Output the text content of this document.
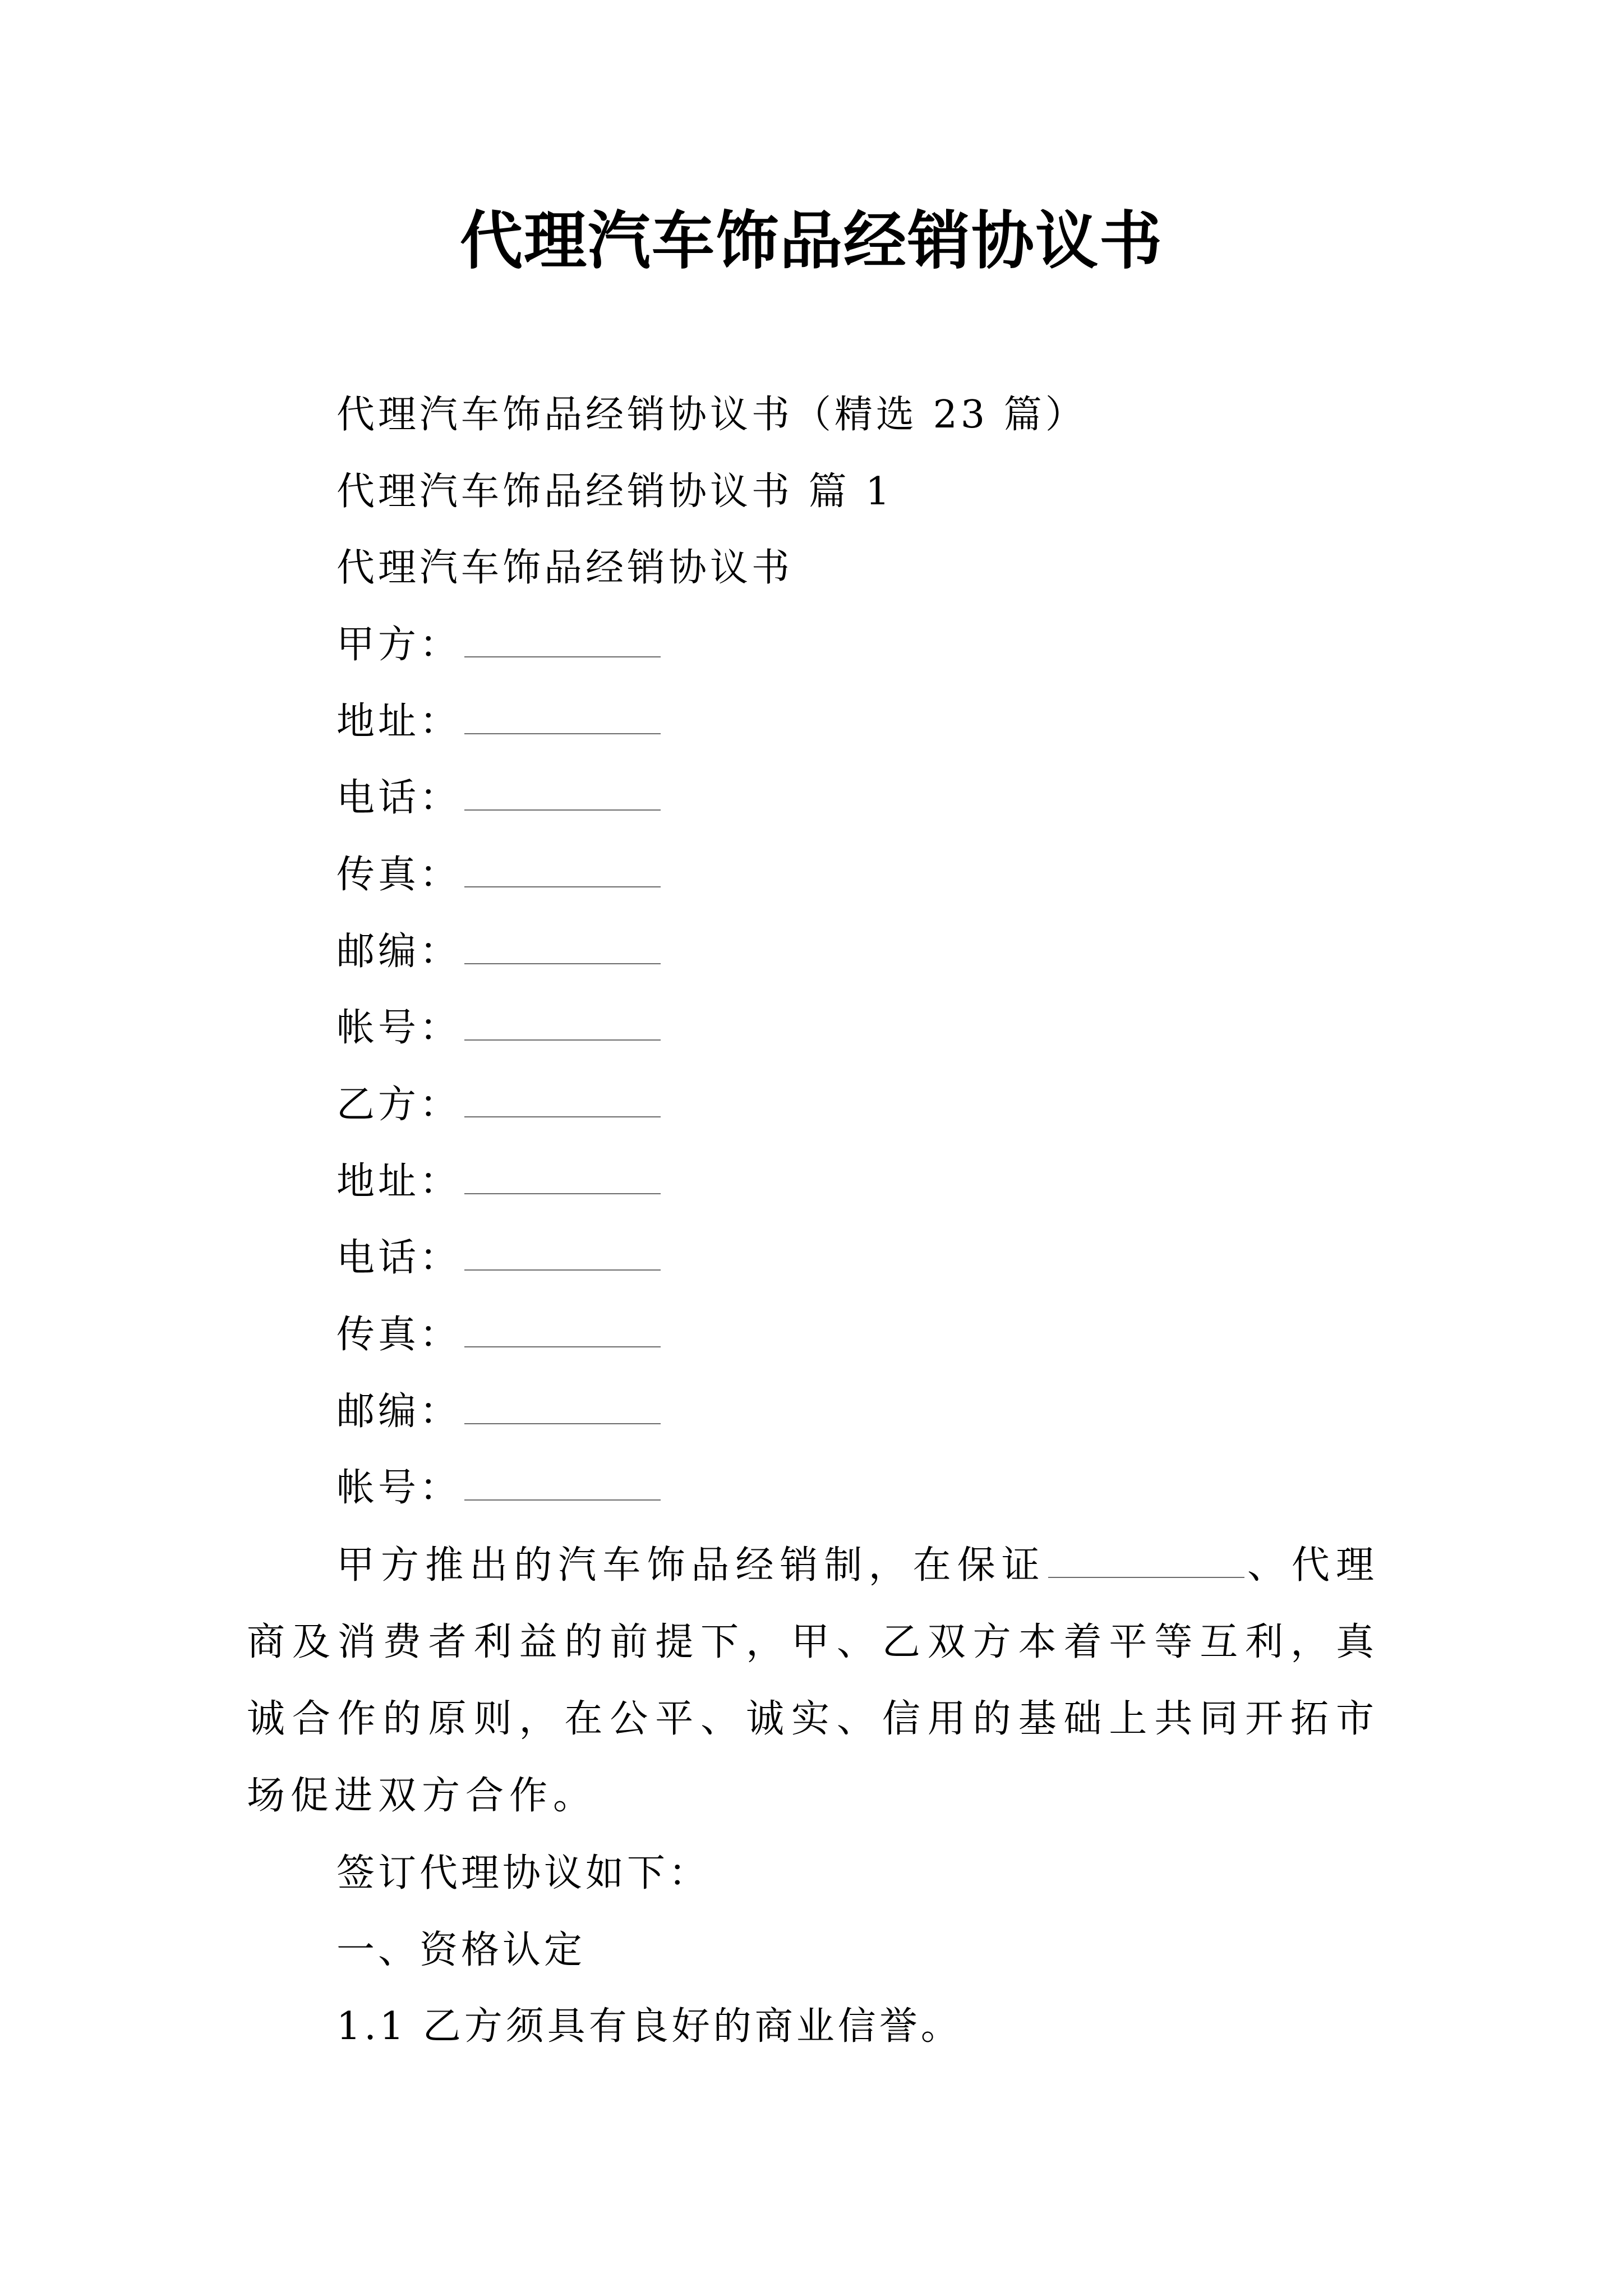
代理汽车饰品经销协议书
代理汽车饰品经销协议书（精选 23 篇）
代理汽车饰品经销协议书 篇 1
代理汽车饰品经销协议书
甲方：
地址：
电话：
传真：
邮编：
帐号：
乙方：
地址：
电话：
传真：
邮编：
帐号：
甲方推出的汽车饰品经销制，在保证	、代理商及消费者利益的前提下，甲、乙双方本着平等互利，真诚合作的原则，在公平、诚实、信用的基础上共同开拓市场促进双方合作。
签订代理协议如下：
一、资格认定
1.1 乙方须具有良好的商业信誉。
